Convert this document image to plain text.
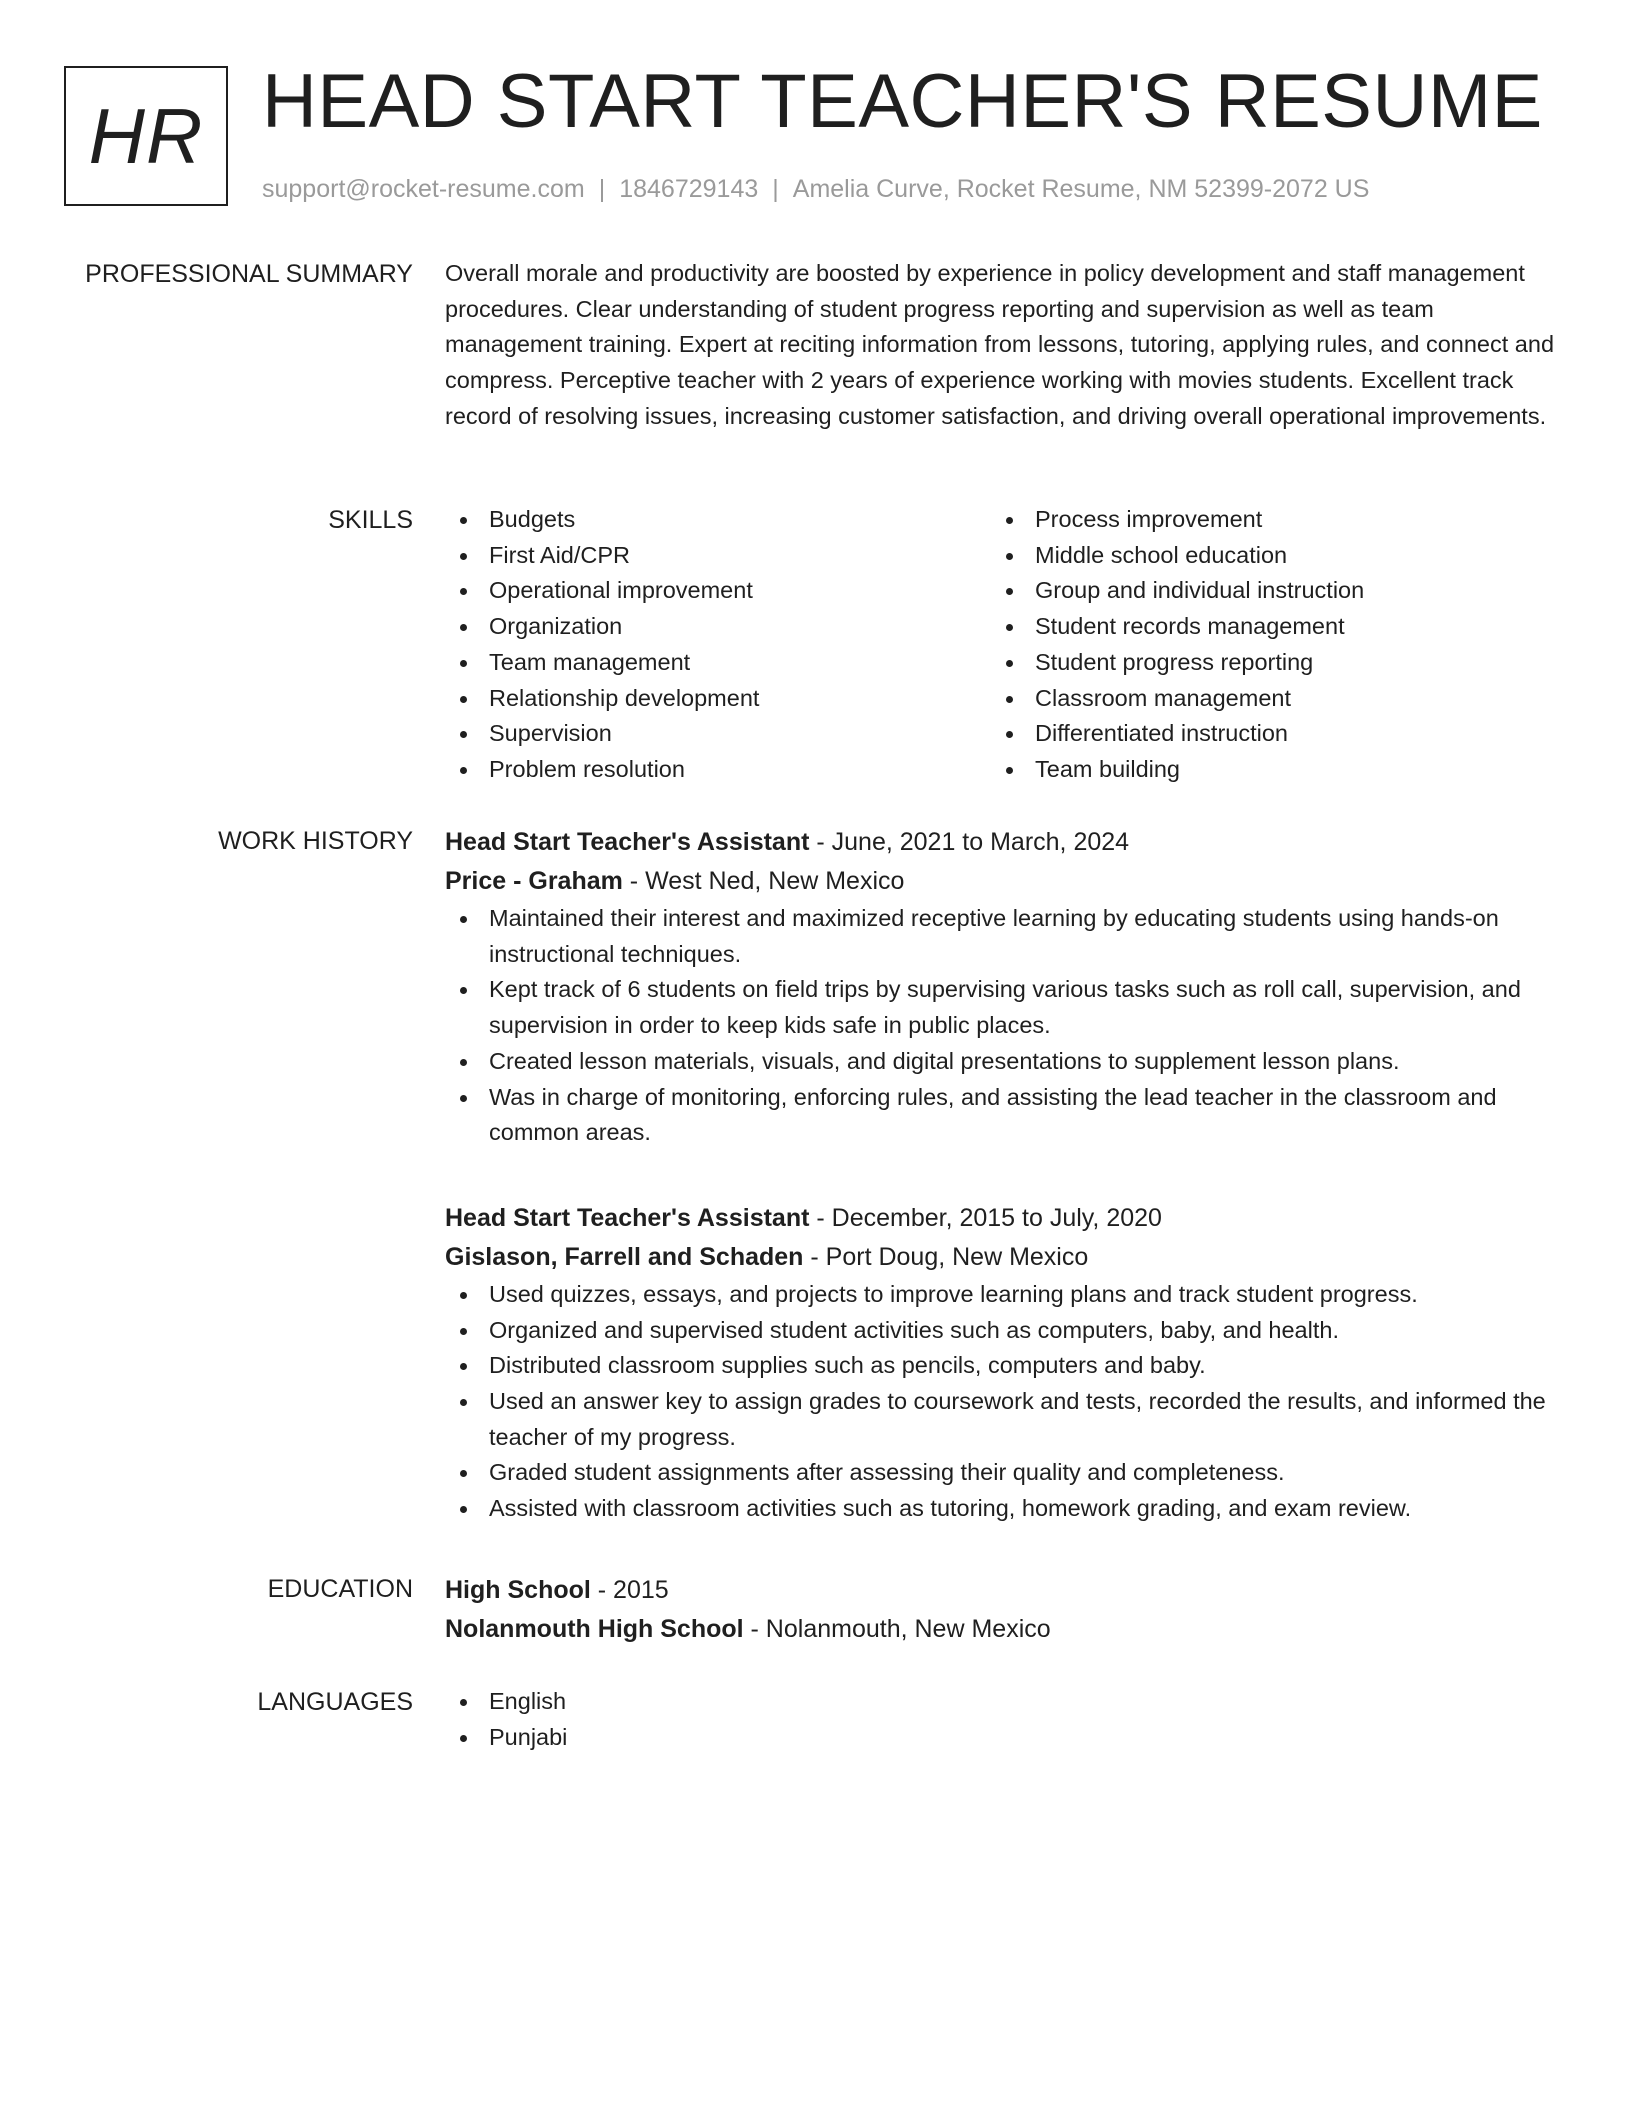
HR HEAD START TEACHER'S RESUME
support@rocket-resume.com | 1846729143 | Amelia Curve, Rocket Resume, NM 52399-2072 US
PROFESSIONAL SUMMARY Overall morale and productivity are boosted by experience in policy development and staff management procedures. Clear understanding of student progress reporting and supervision as well as team management training. Expert at reciting information from lessons, tutoring, applying rules, and connect and compress. Perceptive teacher with 2 years of experience working with movies students. Excellent track record of resolving issues, increasing customer satisfaction, and driving overall operational improvements.

SKILLS	Budgets
First Aid/CPR
Operational improvement
Organization
Team management
Relationship development
Supervision
Problem resolution
Process improvement
Middle school education
Group and individual instruction
Student records management
Student progress reporting
Classroom management
Differentiated instruction
Team building
WORK HISTORY Head Start Teacher's Assistant - June, 2021 to March, 2024
Price - Graham - West Ned, New Mexico
Maintained their interest and maximized receptive learning by educating students using hands-on instructional techniques.
Kept track of 6 students on field trips by supervising various tasks such as roll call, supervision, and supervision in order to keep kids safe in public places.
Created lesson materials, visuals, and digital presentations to supplement lesson plans.
Was in charge of monitoring, enforcing rules, and assisting the lead teacher in the classroom and common areas.
Head Start Teacher's Assistant - December, 2015 to July, 2020
Gislason, Farrell and Schaden - Port Doug, New Mexico
Used quizzes, essays, and projects to improve learning plans and track student progress.
Organized and supervised student activities such as computers, baby, and health.
Distributed classroom supplies such as pencils, computers and baby.
Used an answer key to assign grades to coursework and tests, recorded the results, and informed the teacher of my progress.
Graded student assignments after assessing their quality and completeness.
Assisted with classroom activities such as tutoring, homework grading, and exam review.
EDUCATION High School - 2015
Nolanmouth High School - Nolanmouth, New Mexico
LANGUAGES	English
Punjabi
